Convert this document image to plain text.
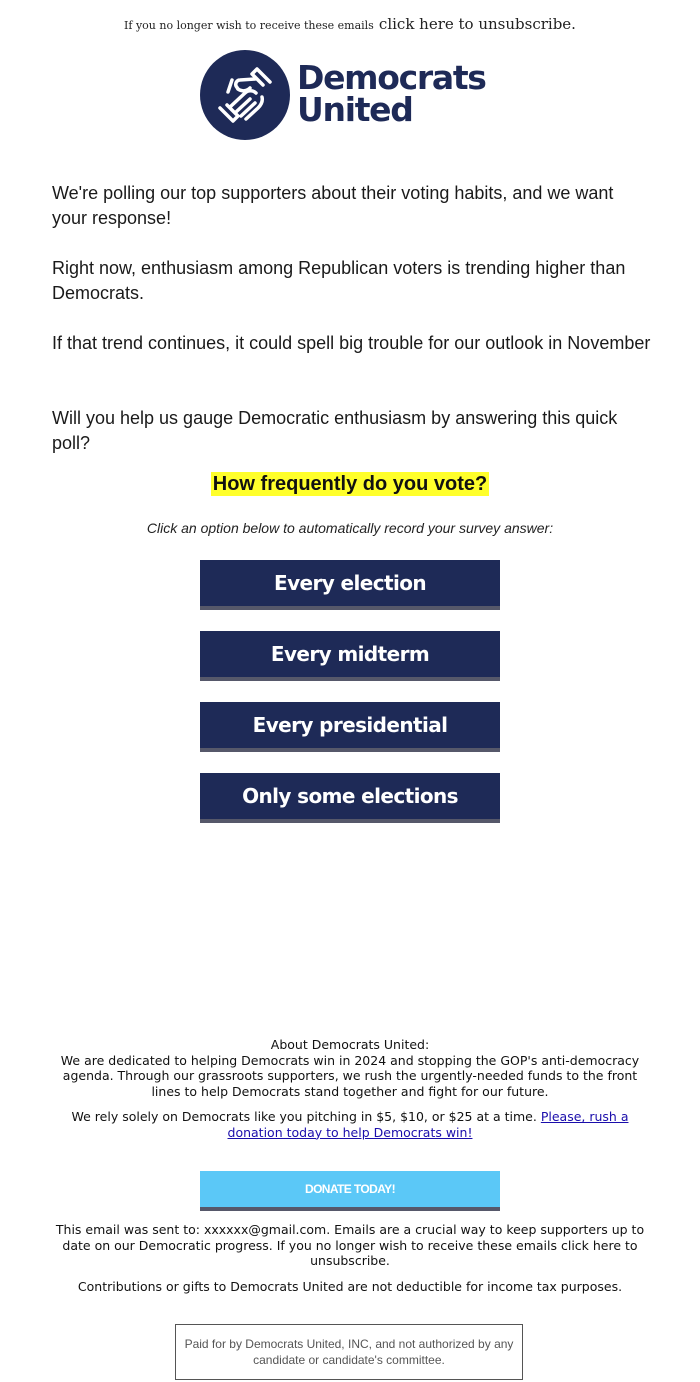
If you no longer wish to receive these emails click here to unsubscribe.
Democrats
United

We're polling our top supporters about their voting habits, and we want your response!

Right now, enthusiasm among Republican voters is trending higher than Democrats.

If that trend continues, it could spell big trouble for our outlook in November

Will you help us gauge Democratic enthusiasm by answering this quick poll?

How frequently do you vote?
Click an option below to automatically record your survey answer:
Every election
Every midterm
Every presidential
Only some elections
About Democrats United:
We are dedicated to helping Democrats win in 2024 and stopping the GOP's anti-democracy agenda. Through our grassroots supporters, we rush the urgently-needed funds to the front lines to help Democrats stand together and fight for our future.
We rely solely on Democrats like you pitching in $5, $10, or $25 at a time. Please, rush a donation today to help Democrats win!
DONATE TODAY!
This email was sent to: xxxxxx@gmail.com. Emails are a crucial way to keep supporters up to date on our Democratic progress. If you no longer wish to receive these emails click here to unsubscribe.
Contributions or gifts to Democrats United are not deductible for income tax purposes.
Paid for by Democrats United, INC, and not authorized by any candidate or candidate's committee.
